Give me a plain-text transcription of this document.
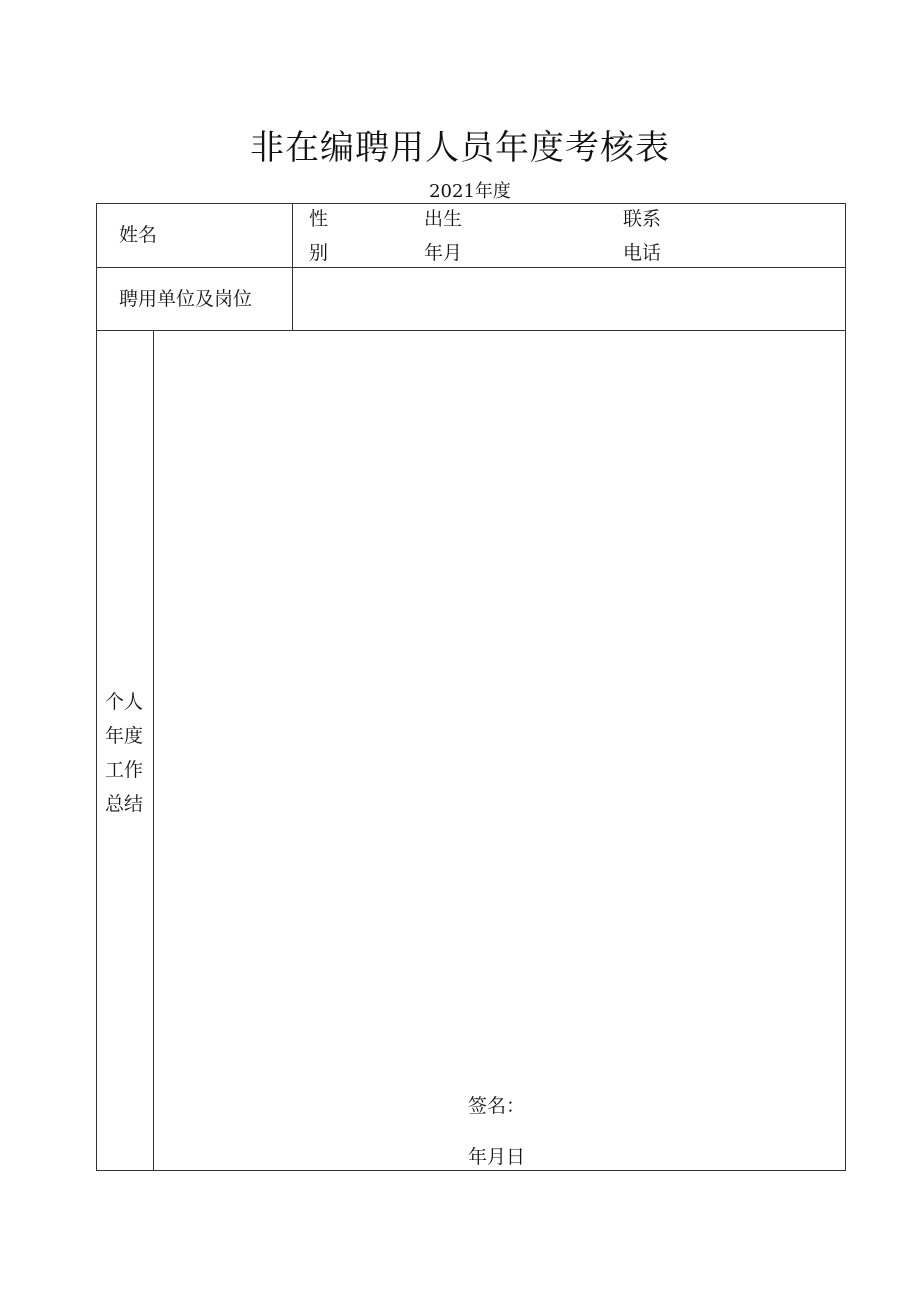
非在编聘用人员年度考核表
2021年度
姓名
性
别
出生
年月
联系
电话
聘用单位及岗位
个人
年度
工作
总结
签名：
年月日
